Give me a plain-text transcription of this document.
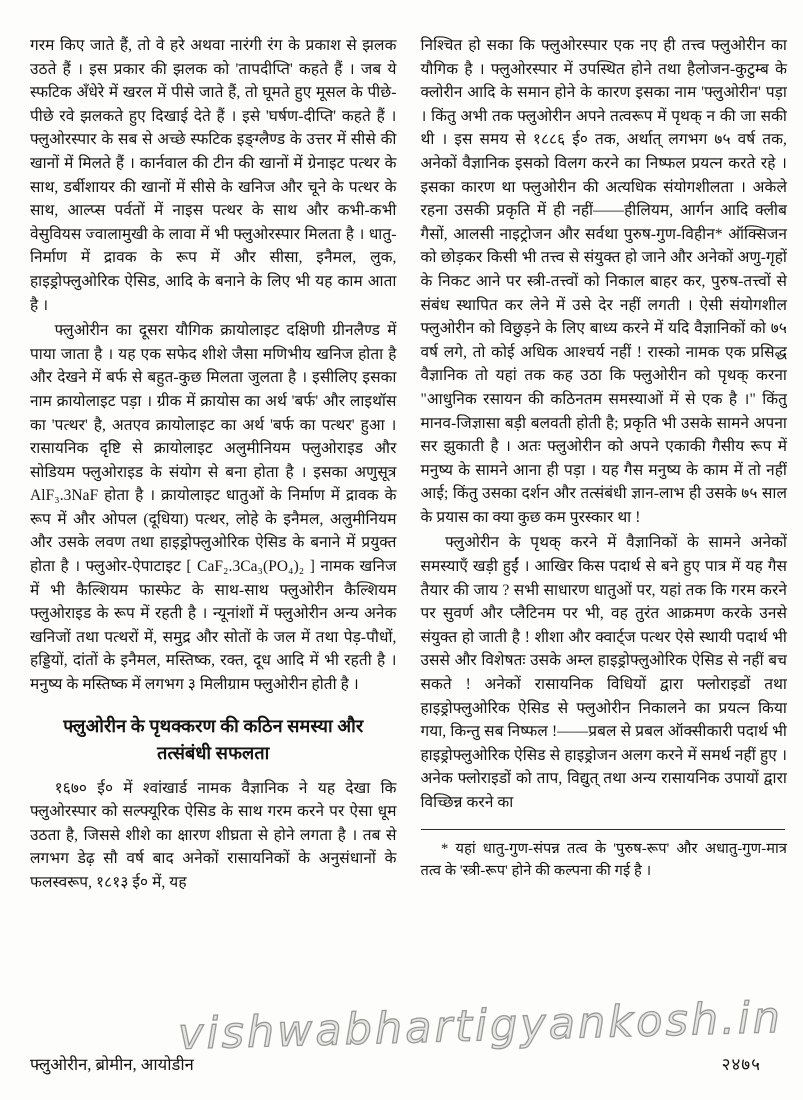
गरम किए जाते हैं, तो वे हरे अथवा नारंगी रंग के प्रकाश से झलक उठते हैं । इस प्रकार की झलक को 'तापदीप्ति' कहते हैं । जब ये स्फटिक अँधेरे में खरल में पीसे जाते हैं, तो घूमते हुए मूसल के पीछे-पीछे रवे झलकते हुए दिखाई देते हैं । इसे 'घर्षण-दीप्ति' कहते हैं । फ्लुओरस्पार के सब से अच्छे स्फटिक इङ्ग्लैण्ड के उत्तर में सीसे की खानों में मिलते हैं । कार्नवाल की टीन की खानों में ग्रेनाइट पत्थर के साथ, डर्बीशायर की खानों में सीसे के खनिज और चूने के पत्थर के साथ, आल्प्स पर्वतों में नाइस पत्थर के साथ और कभी-कभी वेसुवियस ज्वालामुखी के लावा में भी फ्लुओरस्पार मिलता है । धातु-निर्माण में द्रावक के रूप में और सीसा, इनैमल, लुक, हाइड्रोफ्लुओरिक ऐसिड, आदि के बनाने के लिए भी यह काम आता है ।

फ्लुओरीन का दूसरा यौगिक क्रायोलाइट दक्षिणी ग्रीनलैण्ड में पाया जाता है । यह एक सफेद शीशे जैसा मणिभीय खनिज होता है और देखने में बर्फ से बहुत-कुछ मिलता जुलता है । इसीलिए इसका नाम क्रायोलाइट पड़ा । ग्रीक में क्रायोस का अर्थ 'बर्फ' और लाइथॉस का 'पत्थर' है, अतएव क्रायोलाइट का अर्थ 'बर्फ का पत्थर' हुआ । रासायनिक दृष्टि से क्रायोलाइट अलुमीनियम फ्लुओराइड और सोडियम फ्लुओराइड के संयोग से बना होता है । इसका अणुसूत्र AlF₃.3NaF होता है । क्रायोलाइट धातुओं के निर्माण में द्रावक के रूप में और ओपल (दूधिया) पत्थर, लोहे के इनैमल, अलुमीनियम और उसके लवण तथा हाइड्रोफ्लुओरिक ऐसिड के बनाने में प्रयुक्त होता है । फ्लुओर-ऐपाटाइट [ CaF₂.3Ca₃(PO₄)₂ ] नामक खनिज में भी कैल्शियम फास्फेट के साथ-साथ फ्लुओरीन कैल्शियम फ्लुओराइड के रूप में रहती है । न्यूनांशों में फ्लुओरीन अन्य अनेक खनिजों तथा पत्थरों में, समुद्र और सोतों के जल में तथा पेड़-पौधों, हड्डियों, दांतों के इनैमल, मस्तिष्क, रक्त, दूध आदि में भी रहती है । मनुष्य के मस्तिष्क में लगभग ३ मिलीग्राम फ्लुओरीन होती है ।

फ्लुओरीन के पृथक्करण की कठिन समस्या और तत्संबंधी सफलता

१६७० ई० में श्वांखार्ड नामक वैज्ञानिक ने यह देखा कि फ्लुओरस्पार को सल्फ्यूरिक ऐसिड के साथ गरम करने पर ऐसा धूम उठता है, जिससे शीशे का क्षारण शीघ्रता से होने लगता है । तब से लगभग डेढ़ सौ वर्ष बाद अनेकों रासायनिकों के अनुसंधानों के फलस्वरूप, १८१३ ई० में, यह

निश्चित हो सका कि फ्लुओरस्पार एक नए ही तत्त्व फ्लुओरीन का यौगिक है । फ्लुओरस्पार में उपस्थित होने तथा हैलोजन-कुटुम्ब के क्लोरीन आदि के समान होने के कारण इसका नाम 'फ्लुओरीन' पड़ा । किंतु अभी तक फ्लुओरीन अपने तत्वरूप में पृथक् न की जा सकी थी । इस समय से १८८६ ई० तक, अर्थात् लगभग ७५ वर्ष तक, अनेकों वैज्ञानिक इसको विलग करने का निष्फल प्रयत्न करते रहे । इसका कारण था फ्लुओरीन की अत्यधिक संयोगशीलता । अकेले रहना उसकी प्रकृति में ही नहीं——हीलियम, आर्गन आदि क्लीब गैसों, आलसी नाइट्रोजन और सर्वथा पुरुष-गुण-विहीन* ऑक्सिजन को छोड़कर किसी भी तत्त्व से संयुक्त हो जाने और अनेकों अणु-गृहों के निकट आने पर स्त्री-तत्त्वों को निकाल बाहर कर, पुरुष-तत्त्वों से संबंध स्थापित कर लेने में उसे देर नहीं लगती । ऐसी संयोगशील फ्लुओरीन को विछुड़ने के लिए बाध्य करने में यदि वैज्ञानिकों को ७५ वर्ष लगे, तो कोई अधिक आश्चर्य नहीं ! रास्को नामक एक प्रसिद्ध वैज्ञानिक तो यहां तक कह उठा कि फ्लुओरीन को पृथक् करना "आधुनिक रसायन की कठिनतम समस्याओं में से एक है ।" किंतु मानव-जिज्ञासा बड़ी बलवती होती है; प्रकृति भी उसके सामने अपना सर झुकाती है । अतः फ्लुओरीन को अपने एकाकी गैसीय रूप में मनुष्य के सामने आना ही पड़ा । यह गैस मनुष्य के काम में तो नहीं आई; किंतु उसका दर्शन और तत्संबंधी ज्ञान-लाभ ही उसके ७५ साल के प्रयास का क्या कुछ कम पुरस्कार था !

फ्लुओरीन के पृथक् करने में वैज्ञानिकों के सामने अनेकों समस्याएँ खड़ी हुईं । आखिर किस पदार्थ से बने हुए पात्र में यह गैस तैयार की जाय ? सभी साधारण धातुओं पर, यहां तक कि गरम करने पर सुवर्ण और प्लैटिनम पर भी, वह तुरंत आक्रमण करके उनसे संयुक्त हो जाती है ! शीशा और क्वार्ट्ज पत्थर ऐसे स्थायी पदार्थ भी उससे और विशेषतः उसके अम्ल हाइड्रोफ्लुओरिक ऐसिड से नहीं बच सकते ! अनेकों रासायनिक विधियों द्वारा फ्लोराइडों तथा हाइड्रोफ्लुओरिक ऐसिड से फ्लुओरीन निकालने का प्रयत्न किया गया, किन्तु सब निष्फल !——प्रबल से प्रबल ऑक्सीकारी पदार्थ भी हाइड्रोफ्लुओरिक ऐसिड से हाइड्रोजन अलग करने में समर्थ नहीं हुए । अनेक फ्लोराइडों को ताप, विद्युत् तथा अन्य रासायनिक उपायों द्वारा विच्छिन्न करने का

* यहां धातु-गुण-संपन्न तत्व के 'पुरुष-रूप' और अधातु-गुण-मात्र तत्व के 'स्त्री-रूप' होने की कल्पना की गई है ।

vishwabhartigyankosh.in
फ्लुओरीन, ब्रोमीन, आयोडीन	२४७५
